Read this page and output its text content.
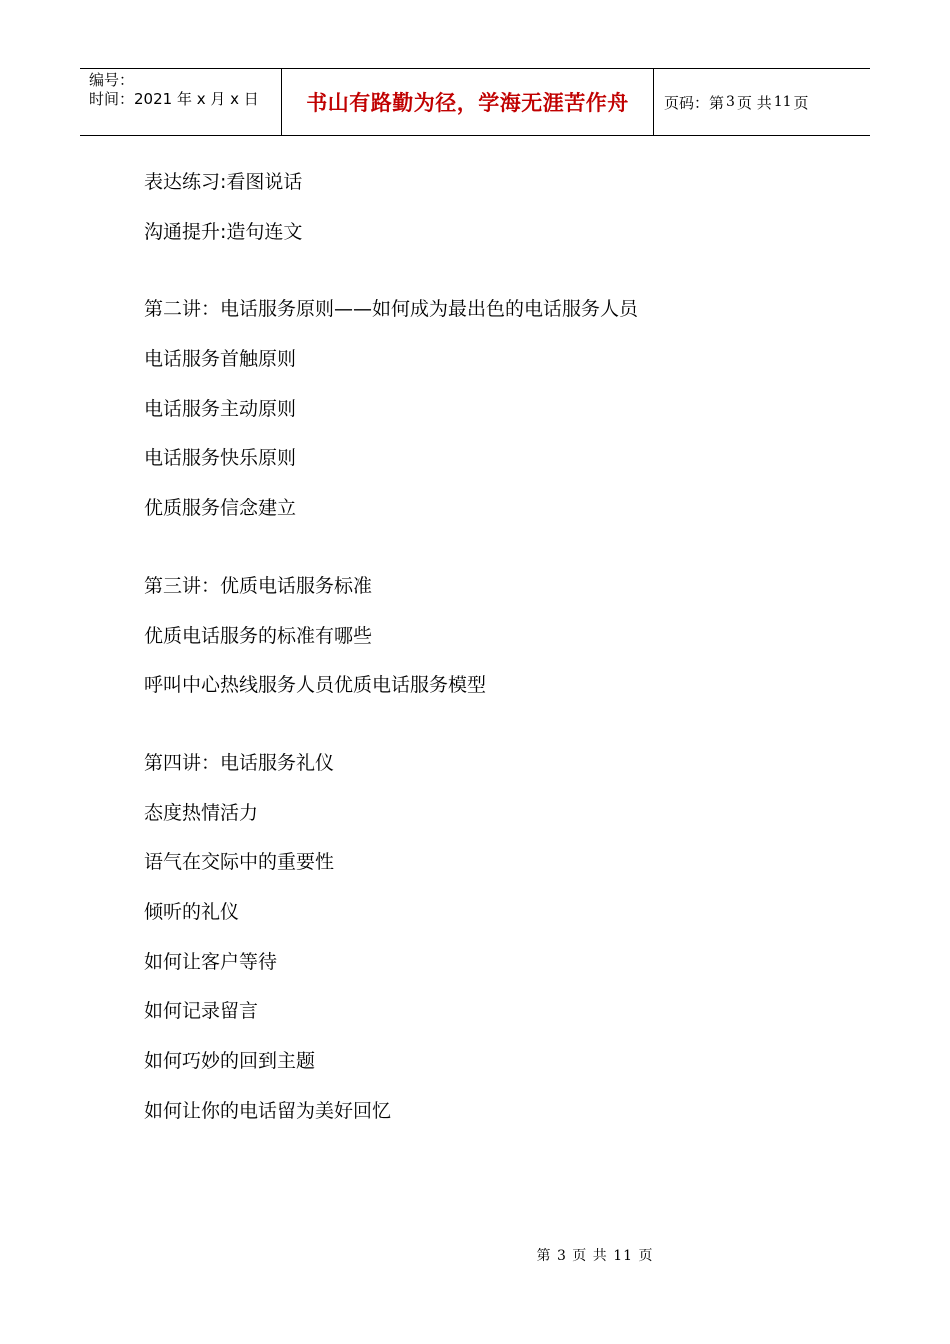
编号：
时间：2021 年 x 月 x 日	书山有路勤为径，学海无涯苦作舟	页码：第 3 页 共 11 页
表达练习:看图说话
沟通提升:造句连文
第二讲：电话服务原则——如何成为最出色的电话服务人员
电话服务首触原则
电话服务主动原则
电话服务快乐原则
优质服务信念建立
第三讲：优质电话服务标准
优质电话服务的标准有哪些
呼叫中心热线服务人员优质电话服务模型
第四讲：电话服务礼仪
态度热情活力
语气在交际中的重要性
倾听的礼仪
如何让客户等待
如何记录留言
如何巧妙的回到主题
如何让你的电话留为美好回忆
第 3 页 共 11 页
